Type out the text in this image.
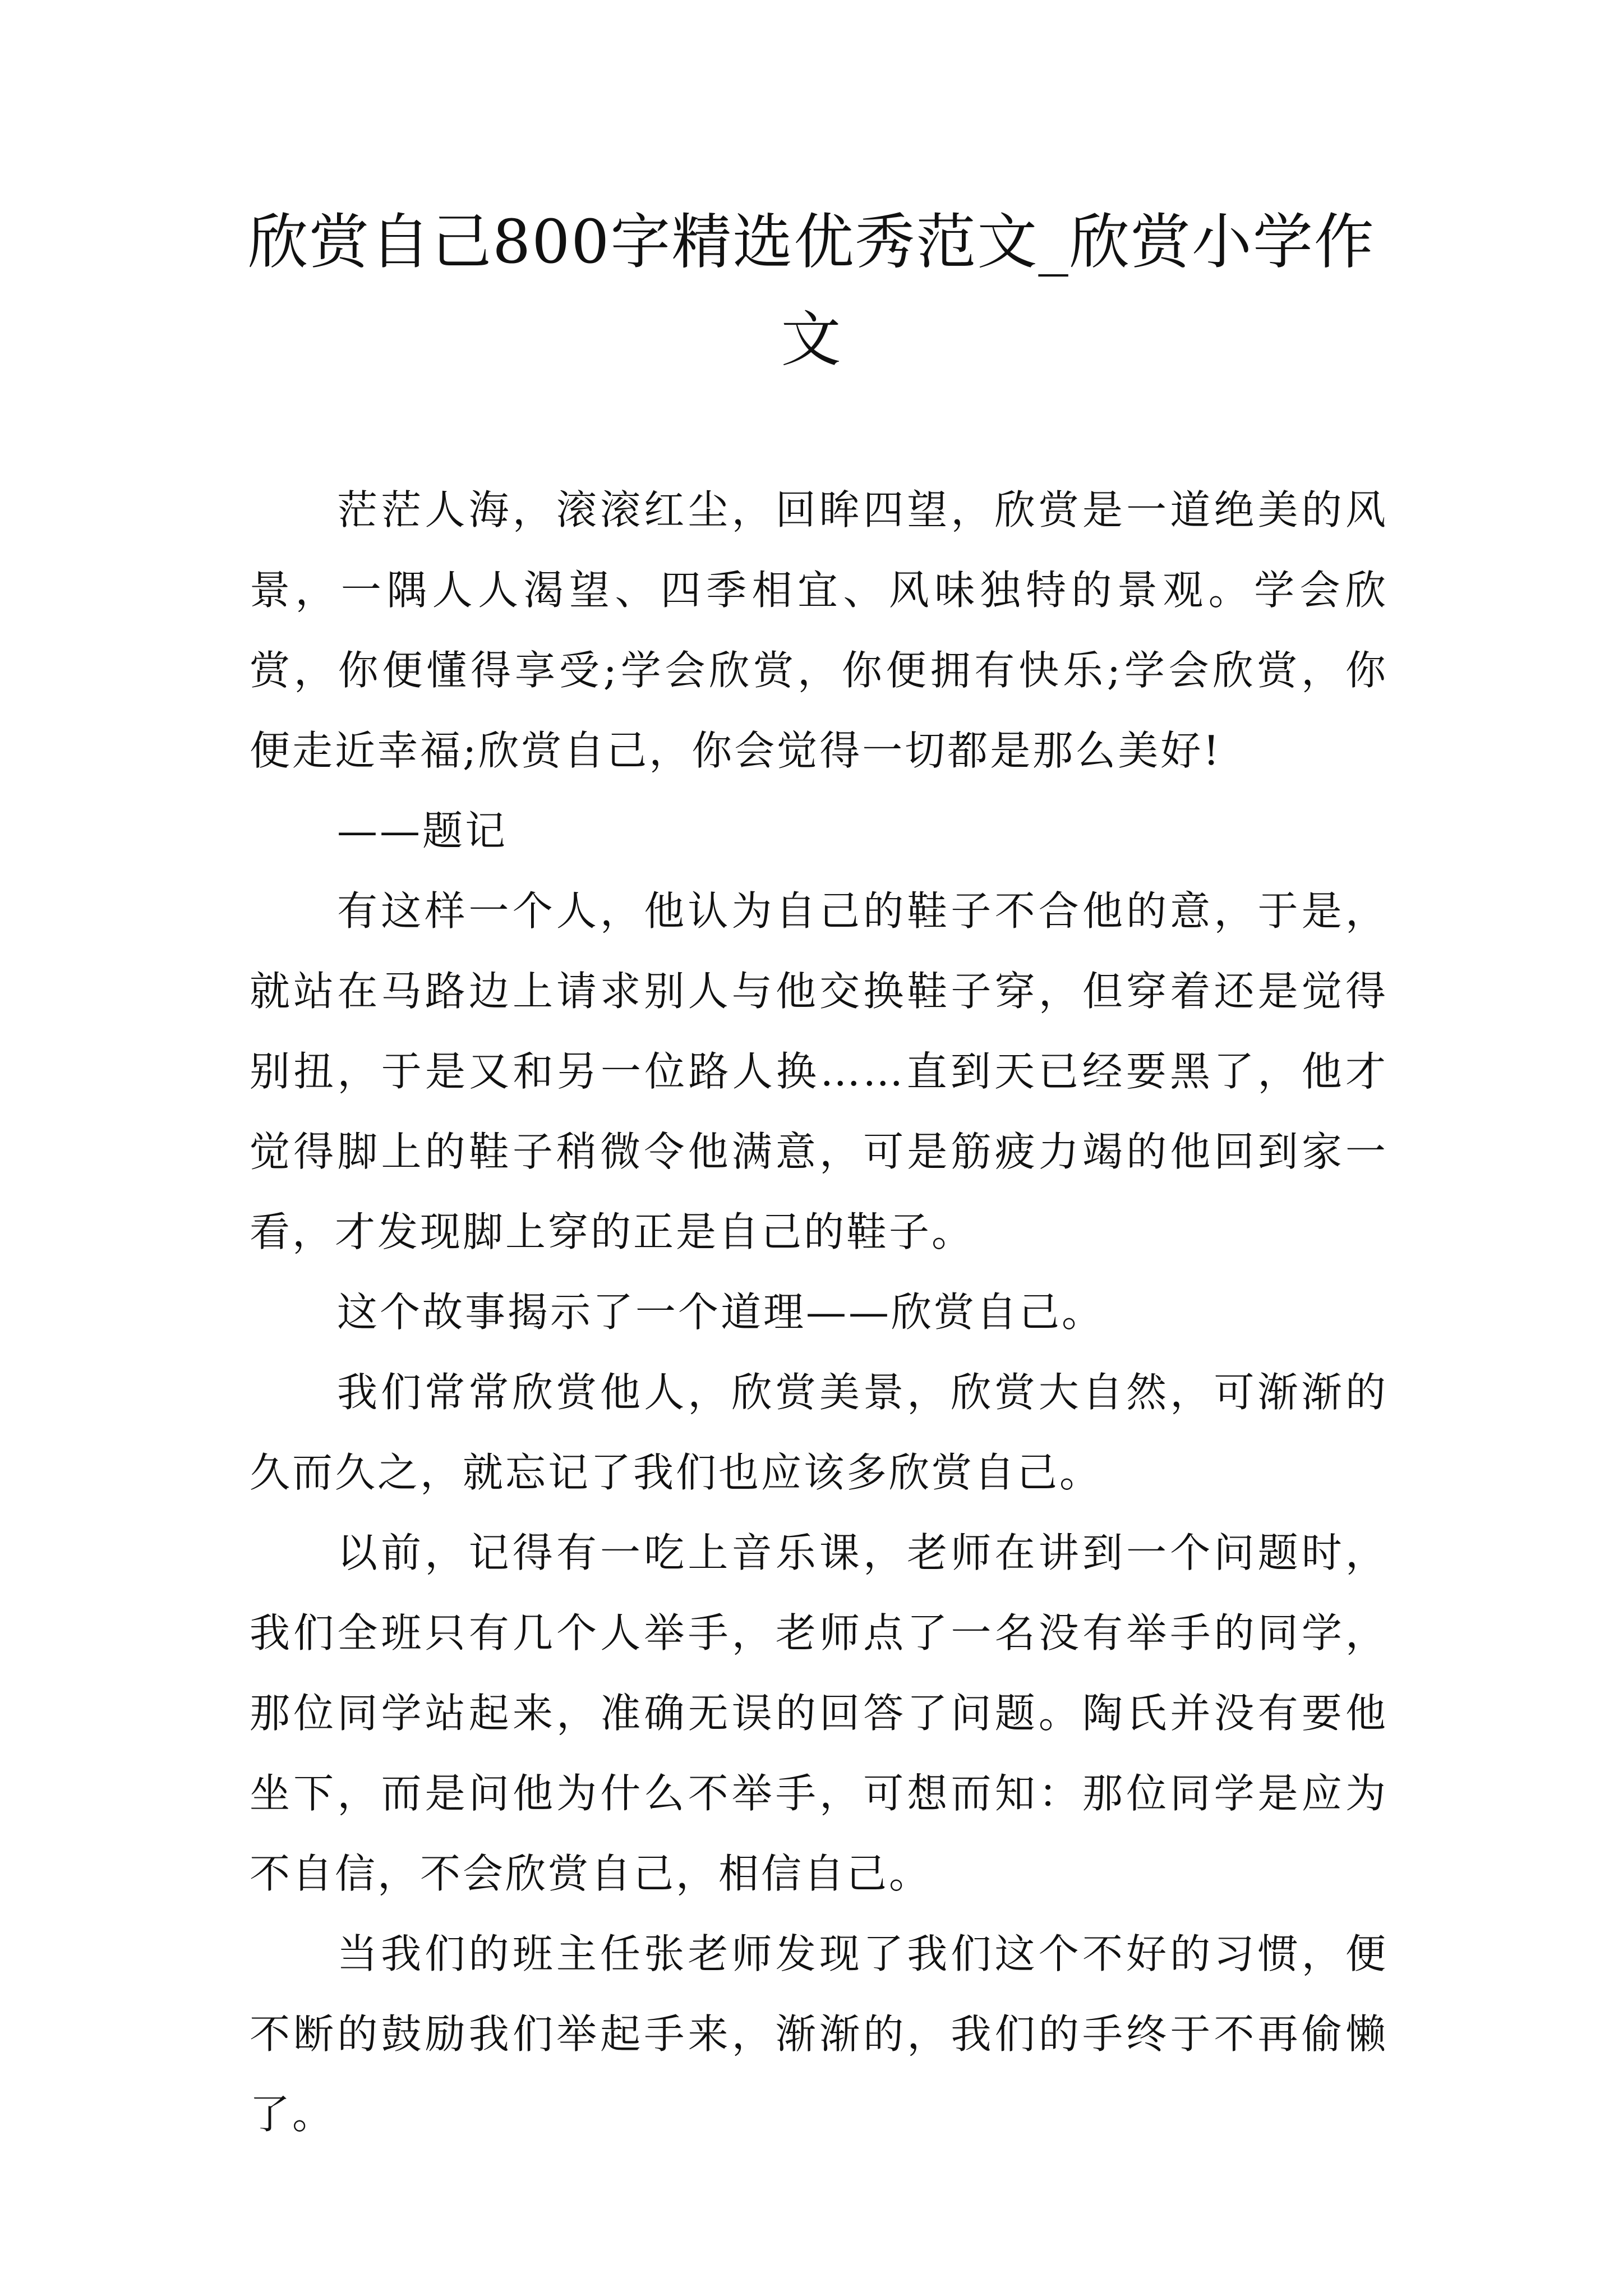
欣赏自己800字精选优秀范文_欣赏小学作文

茫茫人海，滚滚红尘，回眸四望，欣赏是一道绝美的风景，一隅人人渴望、四季相宜、风味独特的景观。学会欣赏，你便懂得享受;学会欣赏，你便拥有快乐;学会欣赏，你便走近幸福;欣赏自己，你会觉得一切都是那么美好!

——题记

有这样一个人，他认为自己的鞋子不合他的意，于是，就站在马路边上请求别人与他交换鞋子穿，但穿着还是觉得别扭，于是又和另一位路人换……直到天已经要黑了，他才觉得脚上的鞋子稍微令他满意，可是筋疲力竭的他回到家一看，才发现脚上穿的正是自己的鞋子。

这个故事揭示了一个道理——欣赏自己。

我们常常欣赏他人，欣赏美景，欣赏大自然，可渐渐的久而久之，就忘记了我们也应该多欣赏自己。

以前，记得有一吃上音乐课，老师在讲到一个问题时，我们全班只有几个人举手，老师点了一名没有举手的同学，那位同学站起来，准确无误的回答了问题。陶氏并没有要他坐下，而是问他为什么不举手，可想而知：那位同学是应为不自信，不会欣赏自己，相信自己。

当我们的班主任张老师发现了我们这个不好的习惯，便不断的鼓励我们举起手来，渐渐的，我们的手终于不再偷懒了。
